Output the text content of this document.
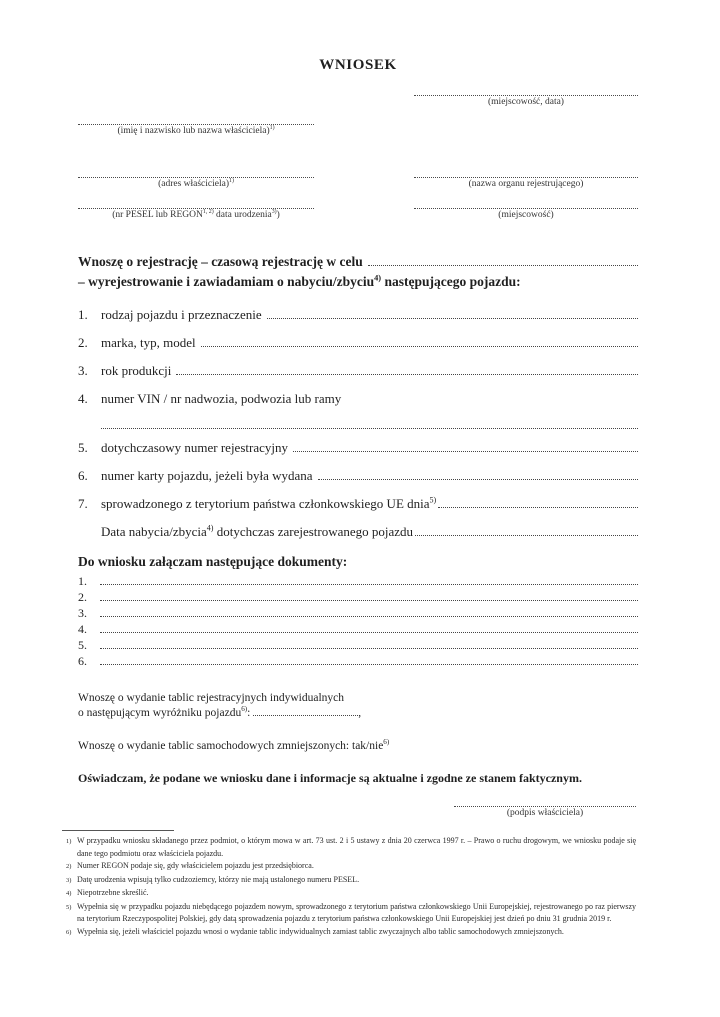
WNIOSEK
(miejscowość, data)
(imię i nazwisko lub nazwa właściciela)$^{1)}$
(adres właściciela)$^{1)}$	(nazwa organu rejestrującego)
(nr PESEL lub REGON$^{1, 2)}$ data urodzenia$^{3)}$)	(miejscowość)
Wnoszę o rejestrację – czasową rejestrację w celu
– wyrejestrowanie i zawiadamiam o nabyciu/zbyciu$^{4)}$ następującego pojazdu:
1.	rodzaj pojazdu i przeznaczenie
2.	marka, typ, model
3.	rok produkcji
4.	numer VIN / nr nadwozia, podwozia lub ramy
5.	dotychczasowy numer rejestracyjny
6.	numer karty pojazdu, jeżeli była wydana
7.	sprowadzonego z terytorium państwa członkowskiego UE dnia$^{5)}$
Data nabycia/zbycia$^{4)}$ dotychczas zarejestrowanego pojazdu
Do wniosku załączam następujące dokumenty:
1.
2.
3.
4.
5.
6.
Wnoszę o wydanie tablic rejestracyjnych indywidualnych
o następującym wyróżniku pojazdu$^{6)}$:	,
Wnoszę o wydanie tablic samochodowych zmniejszonych: tak/nie$^{6)}$
Oświadczam, że podane we wniosku dane i informacje są aktualne i zgodne ze stanem faktycznym.
(podpis właściciela)
1) W przypadku wniosku składanego przez podmiot, o którym mowa w art. 73 ust. 2 i 5 ustawy z dnia 20 czerwca 1997 r. – Prawo o ruchu drogowym, we wniosku podaje się dane tego podmiotu oraz właściciela pojazdu.
2) Numer REGON podaje się, gdy właścicielem pojazdu jest przedsiębiorca.
3) Datę urodzenia wpisują tylko cudzoziemcy, którzy nie mają ustalonego numeru PESEL.
4) Niepotrzebne skreślić.
5) Wypełnia się w przypadku pojazdu niebędącego pojazdem nowym, sprowadzonego z terytorium państwa członkowskiego Unii Europejskiej, rejestrowanego po raz pierwszy na terytorium Rzeczypospolitej Polskiej, gdy datą sprowadzenia pojazdu z terytorium państwa członkowskiego Unii Europejskiej jest dzień po dniu 31 grudnia 2019 r.
6) Wypełnia się, jeżeli właściciel pojazdu wnosi o wydanie tablic indywidualnych zamiast tablic zwyczajnych albo tablic samochodowych zmniejszonych.
